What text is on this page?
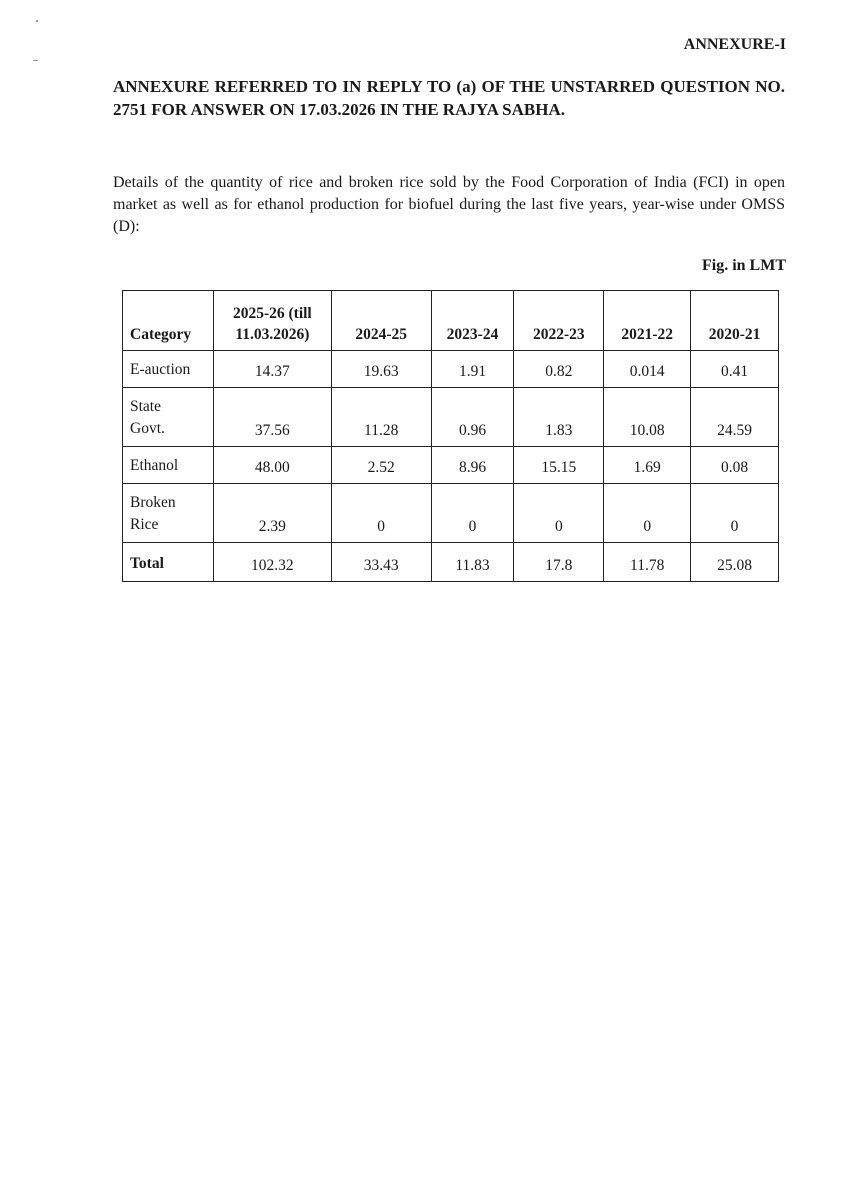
ANNEXURE-I
ANNEXURE REFERRED TO IN REPLY TO (a) OF THE UNSTARRED QUESTION NO. 2751 FOR ANSWER ON 17.03.2026 IN THE RAJYA SABHA.
Details of the quantity of rice and broken rice sold by the Food Corporation of India (FCI) in open market as well as for ethanol production for biofuel during the last five years, year-wise under OMSS (D):
Fig. in LMT
Category	2025-26 (till
11.03.2026)	2024-25	2023-24	2022-23	2021-22	2020-21
E-auction	14.37	19.63	1.91	0.82	0.014	0.41
State
Govt.	37.56	11.28	0.96	1.83	10.08	24.59
Ethanol	48.00	2.52	8.96	15.15	1.69	0.08
Broken
Rice	2.39	0	0	0	0	0
Total	102.32	33.43	11.83	17.8	11.78	25.08
